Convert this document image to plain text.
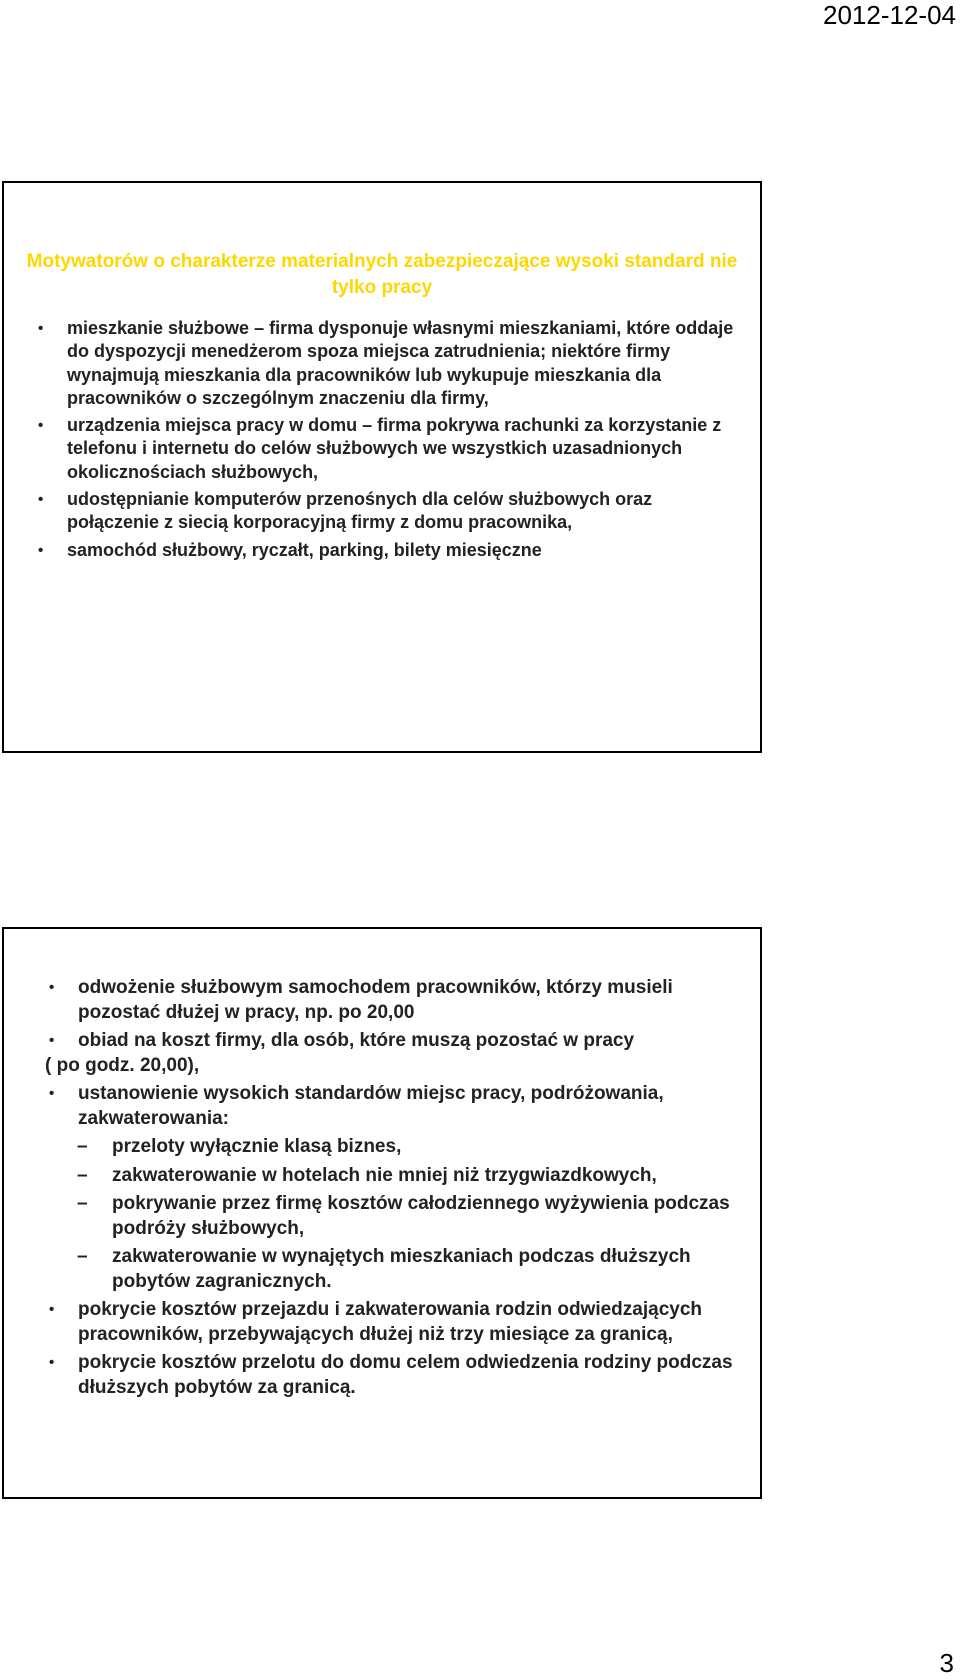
2012-12-04
Motywatorów o charakterze materialnych zabezpieczające wysoki standard nie tylko pracy
• mieszkanie służbowe – firma dysponuje własnymi mieszkaniami, które oddaje do dyspozycji menedżerom spoza miejsca zatrudnienia; niektóre firmy wynajmują mieszkania dla pracowników lub wykupuje mieszkania dla pracowników o szczególnym znaczeniu dla firmy,
• urządzenia miejsca pracy w domu – firma pokrywa rachunki za korzystanie z telefonu i internetu do celów służbowych we wszystkich uzasadnionych okolicznościach służbowych,
• udostępnianie komputerów przenośnych dla celów służbowych oraz połączenie z siecią korporacyjną firmy z domu pracownika,
• samochód służbowy, ryczałt, parking, bilety miesięczne
• odwożenie służbowym samochodem pracowników, którzy musieli pozostać dłużej w pracy, np. po 20,00
• obiad na koszt firmy, dla osób, które muszą pozostać w pracy
( po godz. 20,00),
• ustanowienie wysokich standardów miejsc pracy, podróżowania, zakwaterowania:
– przeloty wyłącznie klasą biznes,
– zakwaterowanie w hotelach nie mniej niż trzygwiazdkowych,
– pokrywanie przez firmę kosztów całodziennego wyżywienia podczas podróży służbowych,
– zakwaterowanie w wynajętych mieszkaniach podczas dłuższych pobytów zagranicznych.
• pokrycie kosztów przejazdu i zakwaterowania rodzin odwiedzających pracowników, przebywających dłużej niż trzy miesiące za granicą,
• pokrycie kosztów przelotu do domu celem odwiedzenia rodziny podczas dłuższych pobytów za granicą.
3
